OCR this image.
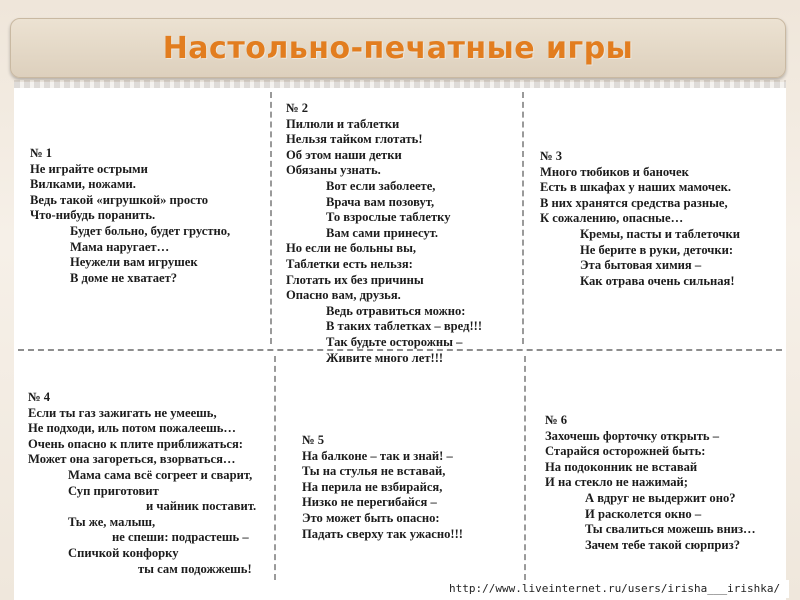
Настольно-печатные игры
№ 1
Не играйте острыми
Вилками, ножами.
Ведь такой «игрушкой» просто
Что-нибудь поранить.
Будет больно, будет грустно,
Мама наругает…
Неужели вам игрушек
В доме не хватает?
№ 2
Пилюли и таблетки
Нельзя тайком глотать!
Об этом наши детки
Обязаны узнать.
Вот если заболеете,
Врача вам позовут,
То взрослые таблетку
Вам сами принесут.
Но если не больны вы,
Таблетки есть нельзя:
Глотать их без причины
Опасно вам, друзья.
Ведь отравиться можно:
В таких таблетках – вред!!!
Так будьте осторожны –
Живите много лет!!!
№ 3
Много тюбиков и баночек
Есть в шкафах у наших мамочек.
В них хранятся средства разные,
К сожалению, опасные…
Кремы, пасты и таблеточки
Не берите в руки, деточки:
Эта бытовая химия –
Как отрава очень сильная!
№ 4
Если ты газ зажигать не умеешь,
Не подходи, иль потом пожалеешь…
Очень опасно к плите приближаться:
Может она загореться, взорваться…
Мама сама всё согреет и сварит,
Суп приготовит
и чайник поставит.
Ты же, малыш,
не спеши: подрастешь –
Спичкой конфорку
ты сам подожжешь!
№ 5
На балконе – так и знай! –
Ты на стулья не вставай,
На перила не взбирайся,
Низко не перегибайся –
Это может быть опасно:
Падать сверху так ужасно!!!
№ 6
Захочешь форточку открыть –
Старайся осторожней быть:
На подоконник не вставай
И на стекло не нажимай;
А вдруг не выдержит оно?
И расколется окно –
Ты свалиться можешь вниз…
Зачем тебе такой сюрприз?
http://www.liveinternet.ru/users/irisha___irishka/
